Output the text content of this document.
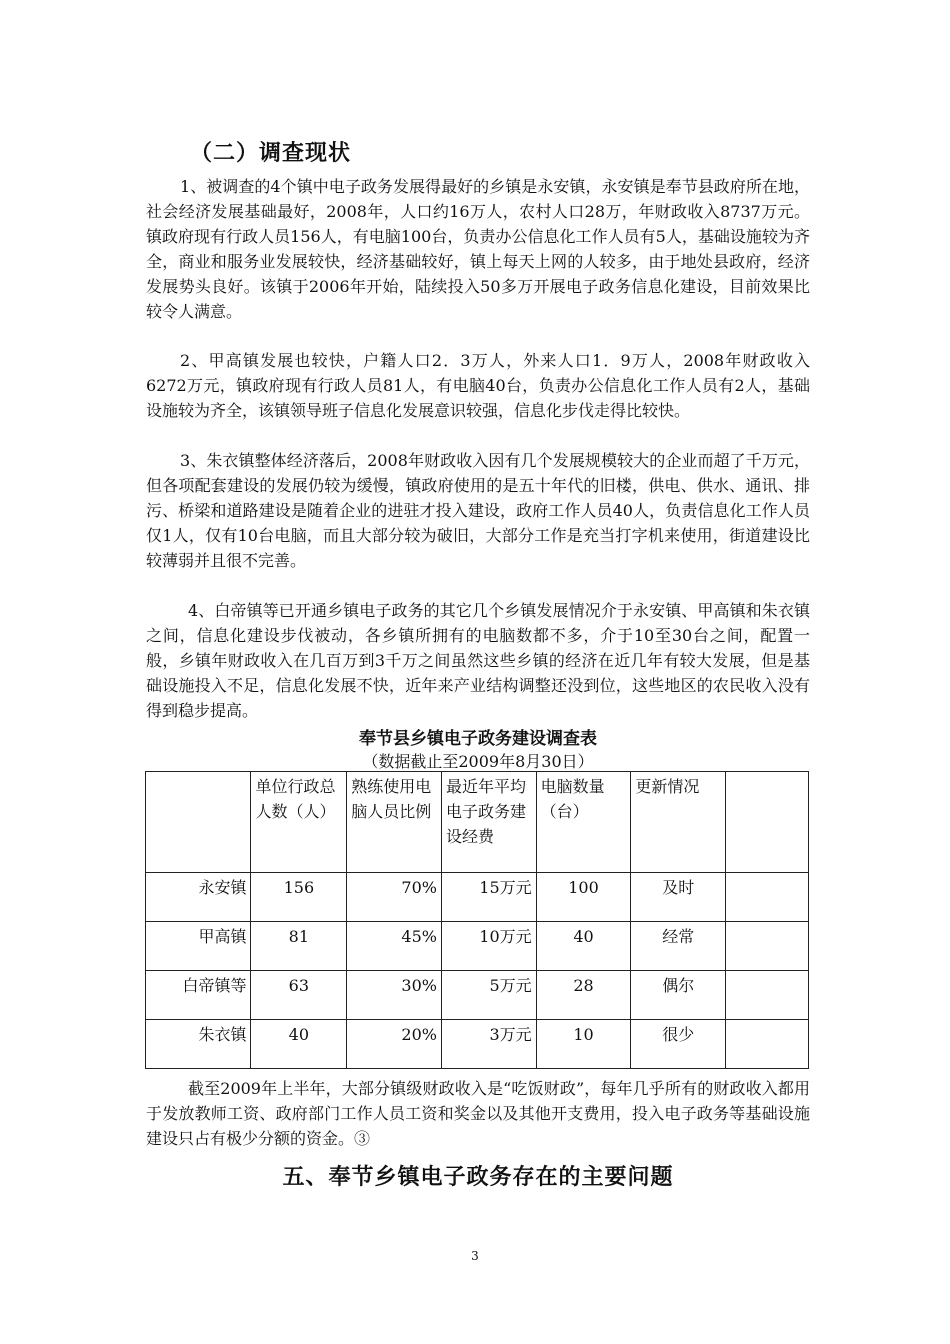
（二）调查现状

1、被调查的4个镇中电子政务发展得最好的乡镇是永安镇，永安镇是奉节县政府所在地，社会经济发展基础最好，2008年，人口约16万人，农村人口28万，年财政收入8737万元。镇政府现有行政人员156人，有电脑100台，负责办公信息化工作人员有5人，基础设施较为齐全，商业和服务业发展较快，经济基础较好，镇上每天上网的人较多，由于地处县政府，经济发展势头良好。该镇于2006年开始，陆续投入50多万开展电子政务信息化建设，目前效果比较令人满意。

2、甲高镇发展也较快，户籍人口2．3万人，外来人口1．9万人，2008年财政收入 6272万元，镇政府现有行政人员81人，有电脑40台，负责办公信息化工作人员有2人，基础设施较为齐全，该镇领导班子信息化发展意识较强，信息化步伐走得比较快。

3、朱衣镇整体经济落后，2008年财政收入因有几个发展规模较大的企业而超了千万元，但各项配套建设的发展仍较为缓慢，镇政府使用的是五十年代的旧楼，供电、供水、通讯、排污、桥梁和道路建设是随着企业的进驻才投入建设，政府工作人员40人，负责信息化工作人员仅1人，仅有10台电脑，而且大部分较为破旧，大部分工作是充当打字机来使用，街道建设比较薄弱并且很不完善。

4、白帝镇等已开通乡镇电子政务的其它几个乡镇发展情况介于永安镇、甲高镇和朱衣镇之间，信息化建设步伐被动，各乡镇所拥有的电脑数都不多，介于10至30台之间，配置一般，乡镇年财政收入在几百万到3千万之间虽然这些乡镇的经济在近几年有较大发展，但是基础设施投入不足，信息化发展不快，近年来产业结构调整还没到位，这些地区的农民收入没有得到稳步提高。

奉节县乡镇电子政务建设调查表
（数据截止至2009年8月30日）
	单位行政总人数（人）	熟练使用电脑人员比例	最近年平均电子政务建设经费	电脑数量（台）	更新情况	
永安镇	156	70%	15万元	100	及时	
甲高镇	81	45%	10万元	40	经常	
白帝镇等	63	30%	5万元	28	偶尔	
朱衣镇	40	20%	3万元	10	很少	

截至2009年上半年，大部分镇级财政收入是“吃饭财政”，每年几乎所有的财政收入都用于发放教师工资、政府部门工作人员工资和奖金以及其他开支费用，投入电子政务等基础设施建设只占有极少分额的资金。③

五、奉节乡镇电子政务存在的主要问题
3
